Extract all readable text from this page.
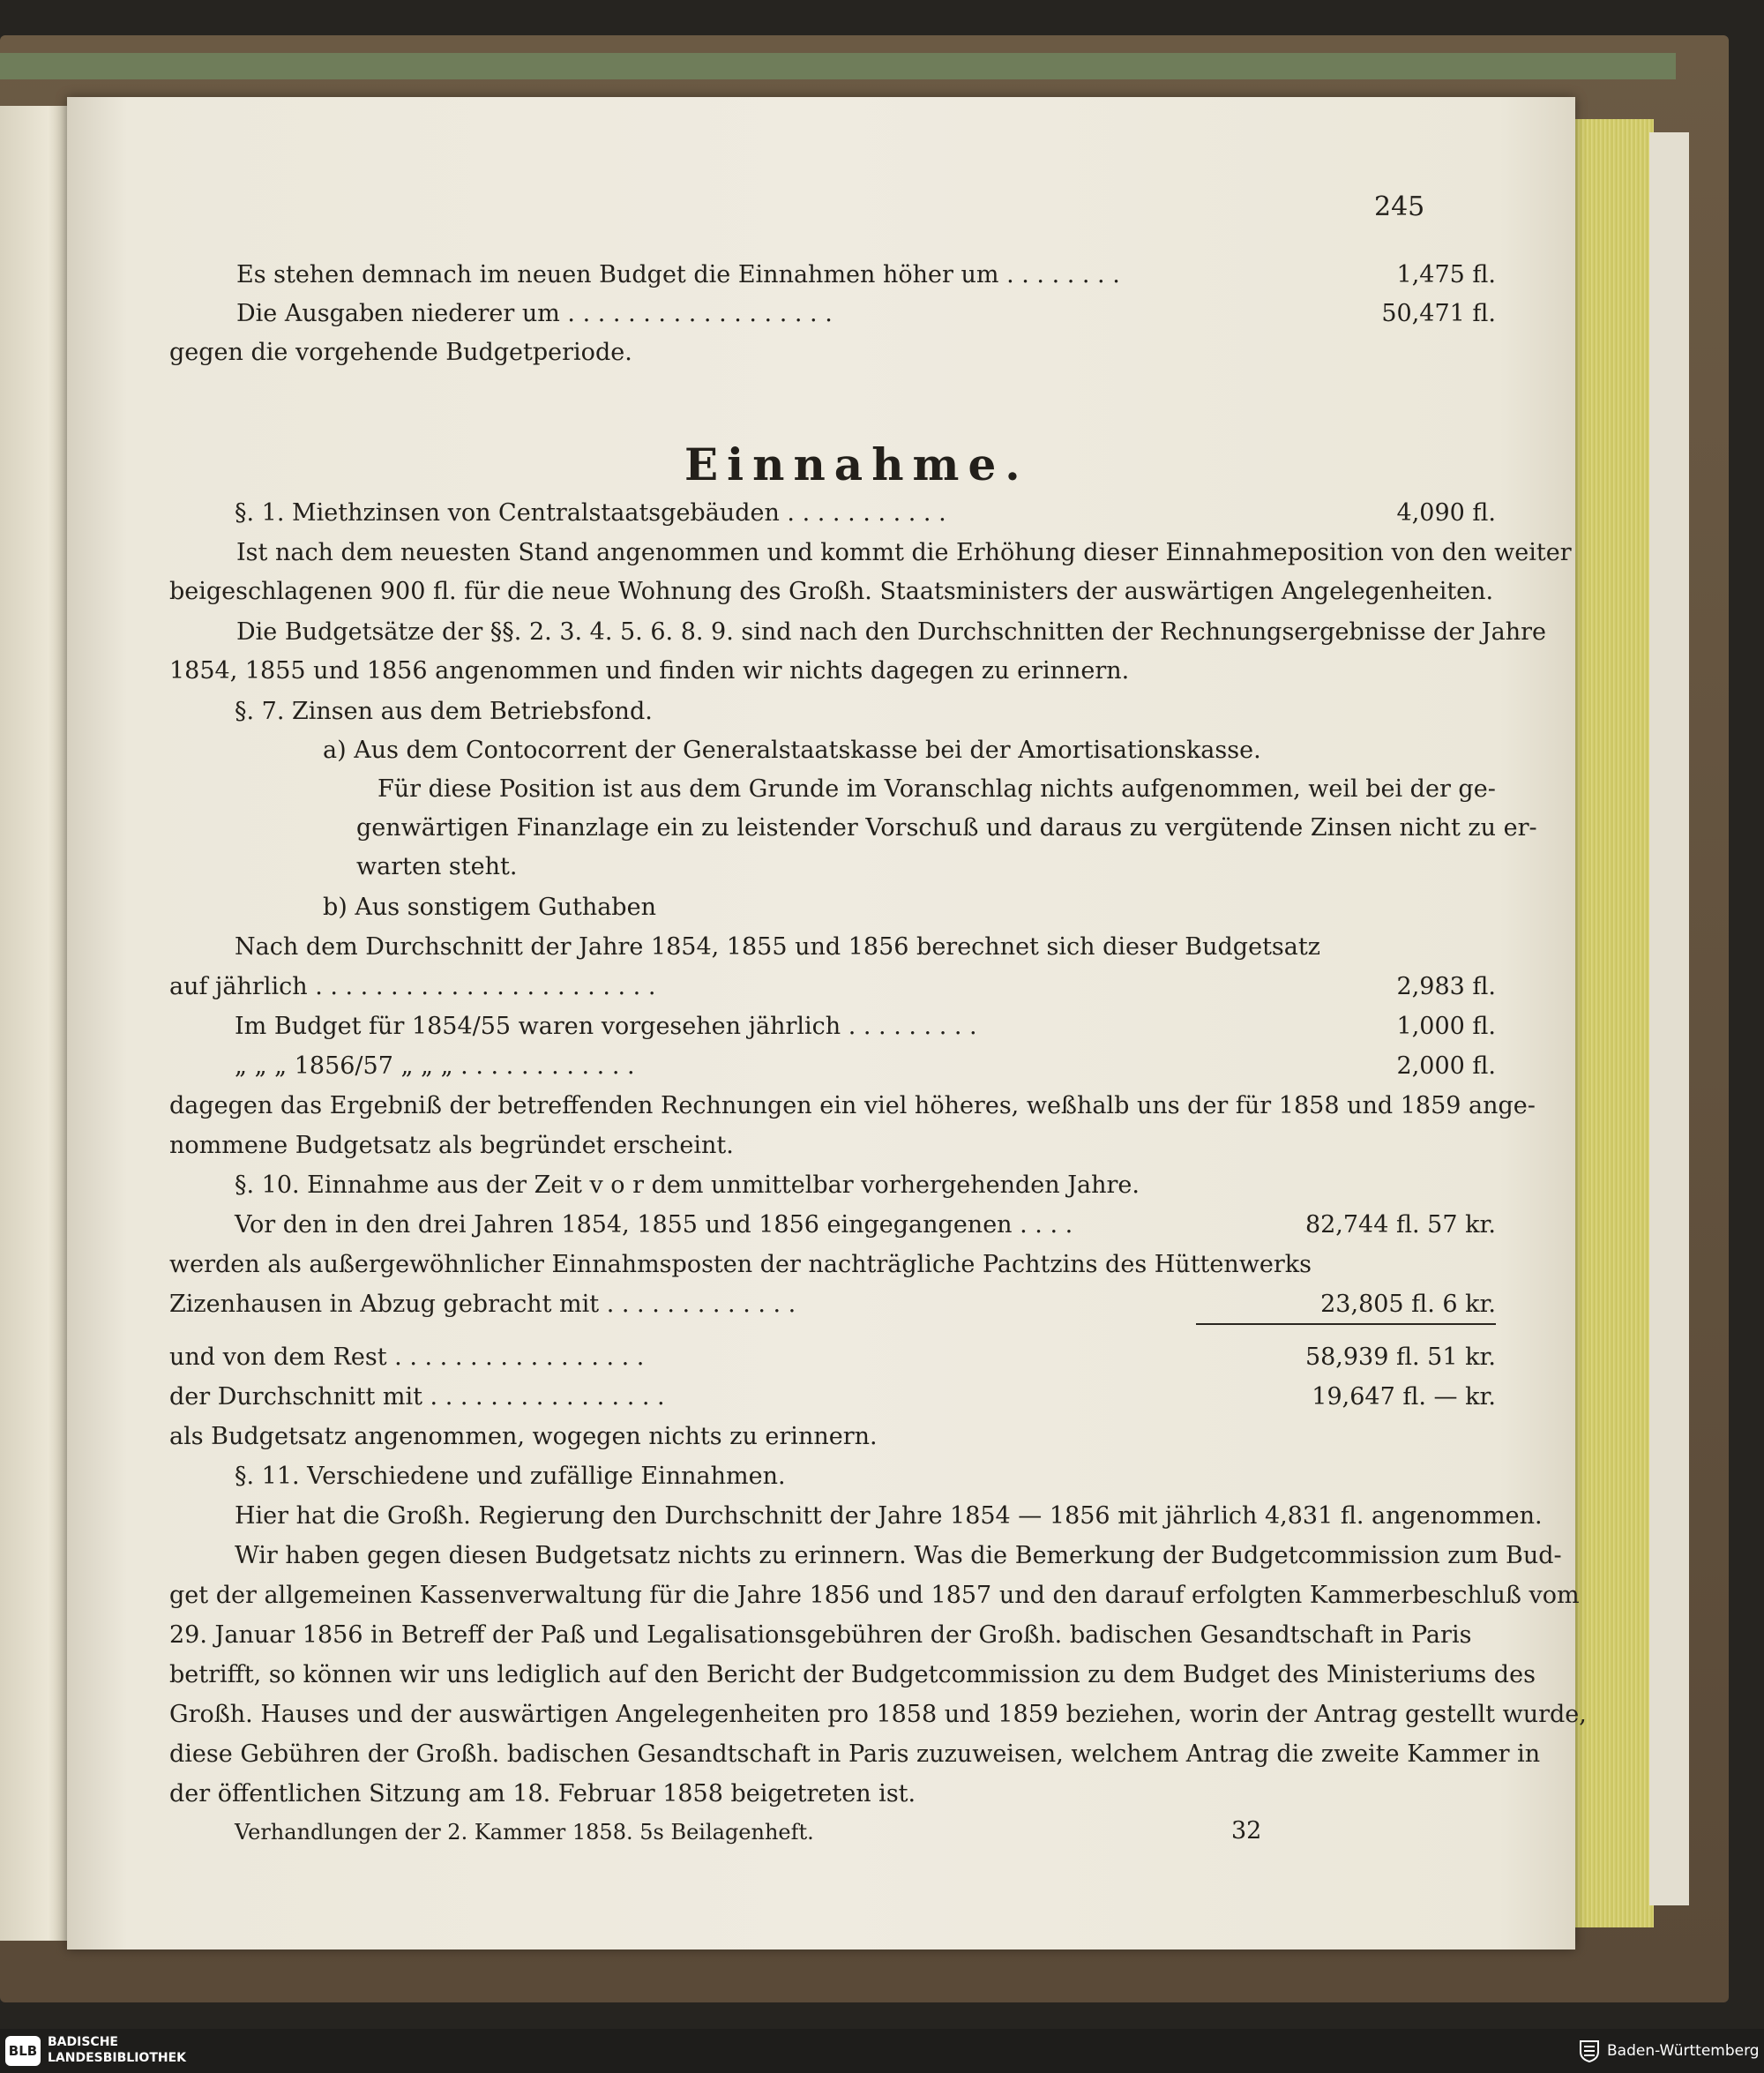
245
Es stehen demnach im neuen Budget die Einnahmen höher um . . . . . . . .	1,475 fl.
Die Ausgaben niederer um . . . . . . . . . . . . . . . . . .	50,471 fl.
gegen die vorgehende Budgetperiode.
Einnahme.
§. 1. Miethzinsen von Centralstaatsgebäuden . . . . . . . . . . .	4,090 fl.
Ist nach dem neuesten Stand angenommen und kommt die Erhöhung dieser Einnahmeposition von den weiter
beigeschlagenen 900 fl. für die neue Wohnung des Großh. Staatsministers der auswärtigen Angelegenheiten.
Die Budgetsätze der §§. 2. 3. 4. 5. 6. 8. 9. sind nach den Durchschnitten der Rechnungsergebnisse der Jahre
1854, 1855 und 1856 angenommen und finden wir nichts dagegen zu erinnern.
§. 7. Zinsen aus dem Betriebsfond.
a) Aus dem Contocorrent der Generalstaatskasse bei der Amortisationskasse.
Für diese Position ist aus dem Grunde im Voranschlag nichts aufgenommen, weil bei der ge-
genwärtigen Finanzlage ein zu leistender Vorschuß und daraus zu vergütende Zinsen nicht zu er-
warten steht.
b) Aus sonstigem Guthaben
Nach dem Durchschnitt der Jahre 1854, 1855 und 1856 berechnet sich dieser Budgetsatz
auf jährlich . . . . . . . . . . . . . . . . . . . . . . .	2,983 fl.
Im Budget für 1854/55 waren vorgesehen jährlich . . . . . . . . .	1,000 fl.
„ „ „ 1856/57 „ „ „ . . . . . . . . . . . .	2,000 fl.
dagegen das Ergebniß der betreffenden Rechnungen ein viel höheres, weßhalb uns der für 1858 und 1859 ange-
nommene Budgetsatz als begründet erscheint.
§. 10. Einnahme aus der Zeit v o r dem unmittelbar vorhergehenden Jahre.
Vor den in den drei Jahren 1854, 1855 und 1856 eingegangenen . . . .	82,744 fl. 57 kr.
werden als außergewöhnlicher Einnahmsposten der nachträgliche Pachtzins des Hüttenwerks
Zizenhausen in Abzug gebracht mit . . . . . . . . . . . . .	23,805 fl. 6 kr.
und von dem Rest . . . . . . . . . . . . . . . . .	58,939 fl. 51 kr.
der Durchschnitt mit . . . . . . . . . . . . . . . .	19,647 fl. — kr.
als Budgetsatz angenommen, wogegen nichts zu erinnern.
§. 11. Verschiedene und zufällige Einnahmen.
Hier hat die Großh. Regierung den Durchschnitt der Jahre 1854 — 1856 mit jährlich 4,831 fl. angenommen.
Wir haben gegen diesen Budgetsatz nichts zu erinnern. Was die Bemerkung der Budgetcommission zum Bud-
get der allgemeinen Kassenverwaltung für die Jahre 1856 und 1857 und den darauf erfolgten Kammerbeschluß vom
29. Januar 1856 in Betreff der Paß und Legalisationsgebühren der Großh. badischen Gesandtschaft in Paris
betrifft, so können wir uns lediglich auf den Bericht der Budgetcommission zu dem Budget des Ministeriums des
Großh. Hauses und der auswärtigen Angelegenheiten pro 1858 und 1859 beziehen, worin der Antrag gestellt wurde,
diese Gebühren der Großh. badischen Gesandtschaft in Paris zuzuweisen, welchem Antrag die zweite Kammer in
der öffentlichen Sitzung am 18. Februar 1858 beigetreten ist.
Verhandlungen der 2. Kammer 1858. 5s Beilagenheft.	32
BLB
BADISCHE
LANDESBIBLIOTHEK	Baden-Württemberg
